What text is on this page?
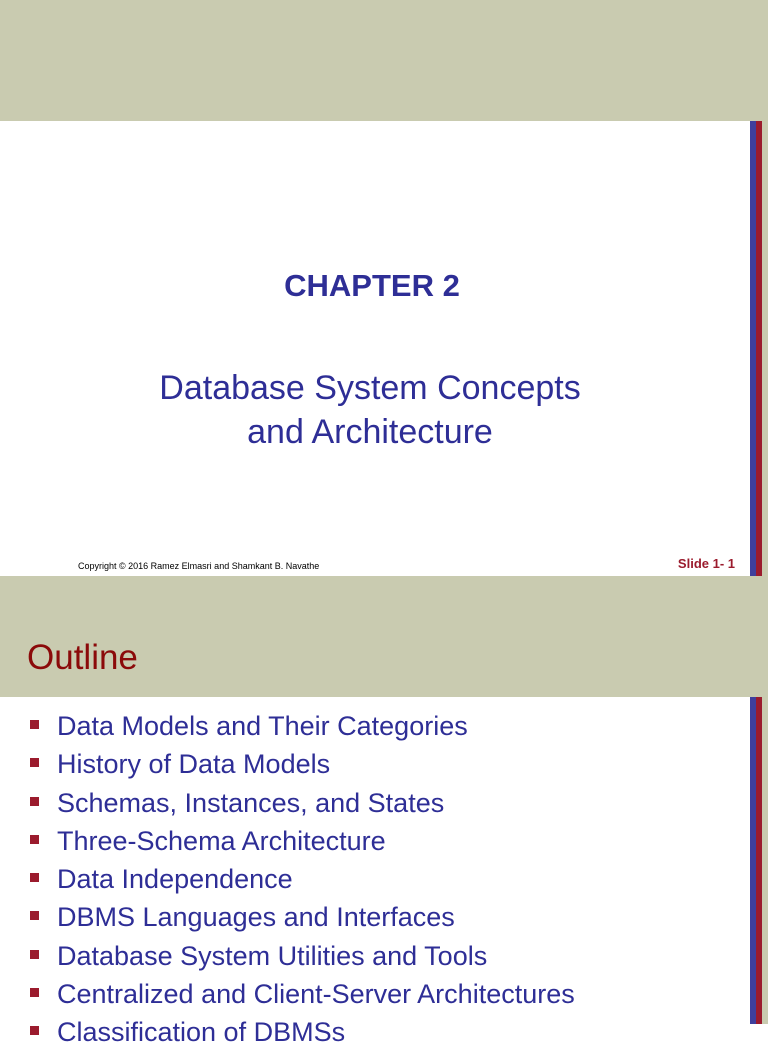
CHAPTER 2
Database System Concepts
and Architecture
Copyright © 2016 Ramez Elmasri and Shamkant B. Navathe	Slide 1- 1
Outline
Data Models and Their Categories
History of Data Models
Schemas, Instances, and States
Three-Schema Architecture
Data Independence
DBMS Languages and Interfaces
Database System Utilities and Tools
Centralized and Client-Server Architectures
Classification of DBMSs
